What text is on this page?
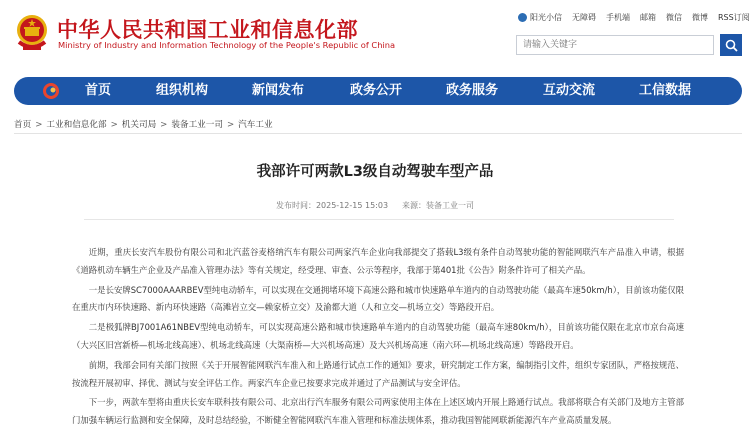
中华人民共和国工业和信息化部
Ministry of Industry and Information Technology of the People's Republic of China
阳光小信 无障碍 手机端 邮箱 微信 微博 RSS订阅
请输入关键字
首页	组织机构	新闻发布	政务公开	政务服务	互动交流	工信数据
首页 > 工业和信息化部 > 机关司局 > 装备工业一司 > 汽车工业
我部许可两款L3级自动驾驶车型产品
发布时间：2025-12-15 15:03 来源：装备工业一司

近期，重庆长安汽车股份有限公司和北汽蓝谷麦格纳汽车有限公司两家汽车企业向我部提交了搭载L3级有条件自动驾驶功能的智能网联汽车产品准入申请，根据《道路机动车辆生产企业及产品准入管理办法》等有关规定，经受理、审查、公示等程序，我部于第401批《公告》附条件许可了相关产品。

一是长安牌SC7000AAARBEV型纯电动轿车，可以实现在交通拥堵环境下高速公路和城市快速路单车道内的自动驾驶功能（最高车速50km/h），目前该功能仅限在重庆市内环快速路、新内环快速路（高滩岩立交—赖家桥立交）及渝都大道（人和立交—机场立交）等路段开启。

二是极狐牌BJ7001A61NBEV型纯电动轿车，可以实现高速公路和城市快速路单车道内的自动驾驶功能（最高车速80km/h），目前该功能仅限在北京市京台高速（大兴区旧宫新桥—机场北线高速）、机场北线高速（大渠南桥—大兴机场高速）及大兴机场高速（南六环—机场北线高速）等路段开启。

前期，我部会同有关部门按照《关于开展智能网联汽车准入和上路通行试点工作的通知》要求，研究制定工作方案，编制指引文件，组织专家团队，严格按规范、按流程开展初审、择优、测试与安全评估工作。两家汽车企业已按要求完成并通过了产品测试与安全评估。

下一步，两款车型将由重庆长安车联科技有限公司、北京出行汽车服务有限公司两家使用主体在上述区域内开展上路通行试点。我部将联合有关部门及地方主管部门加强车辆运行监测和安全保障，及时总结经验，不断健全智能网联汽车准入管理和标准法规体系，推动我国智能网联新能源汽车产业高质量发展。
